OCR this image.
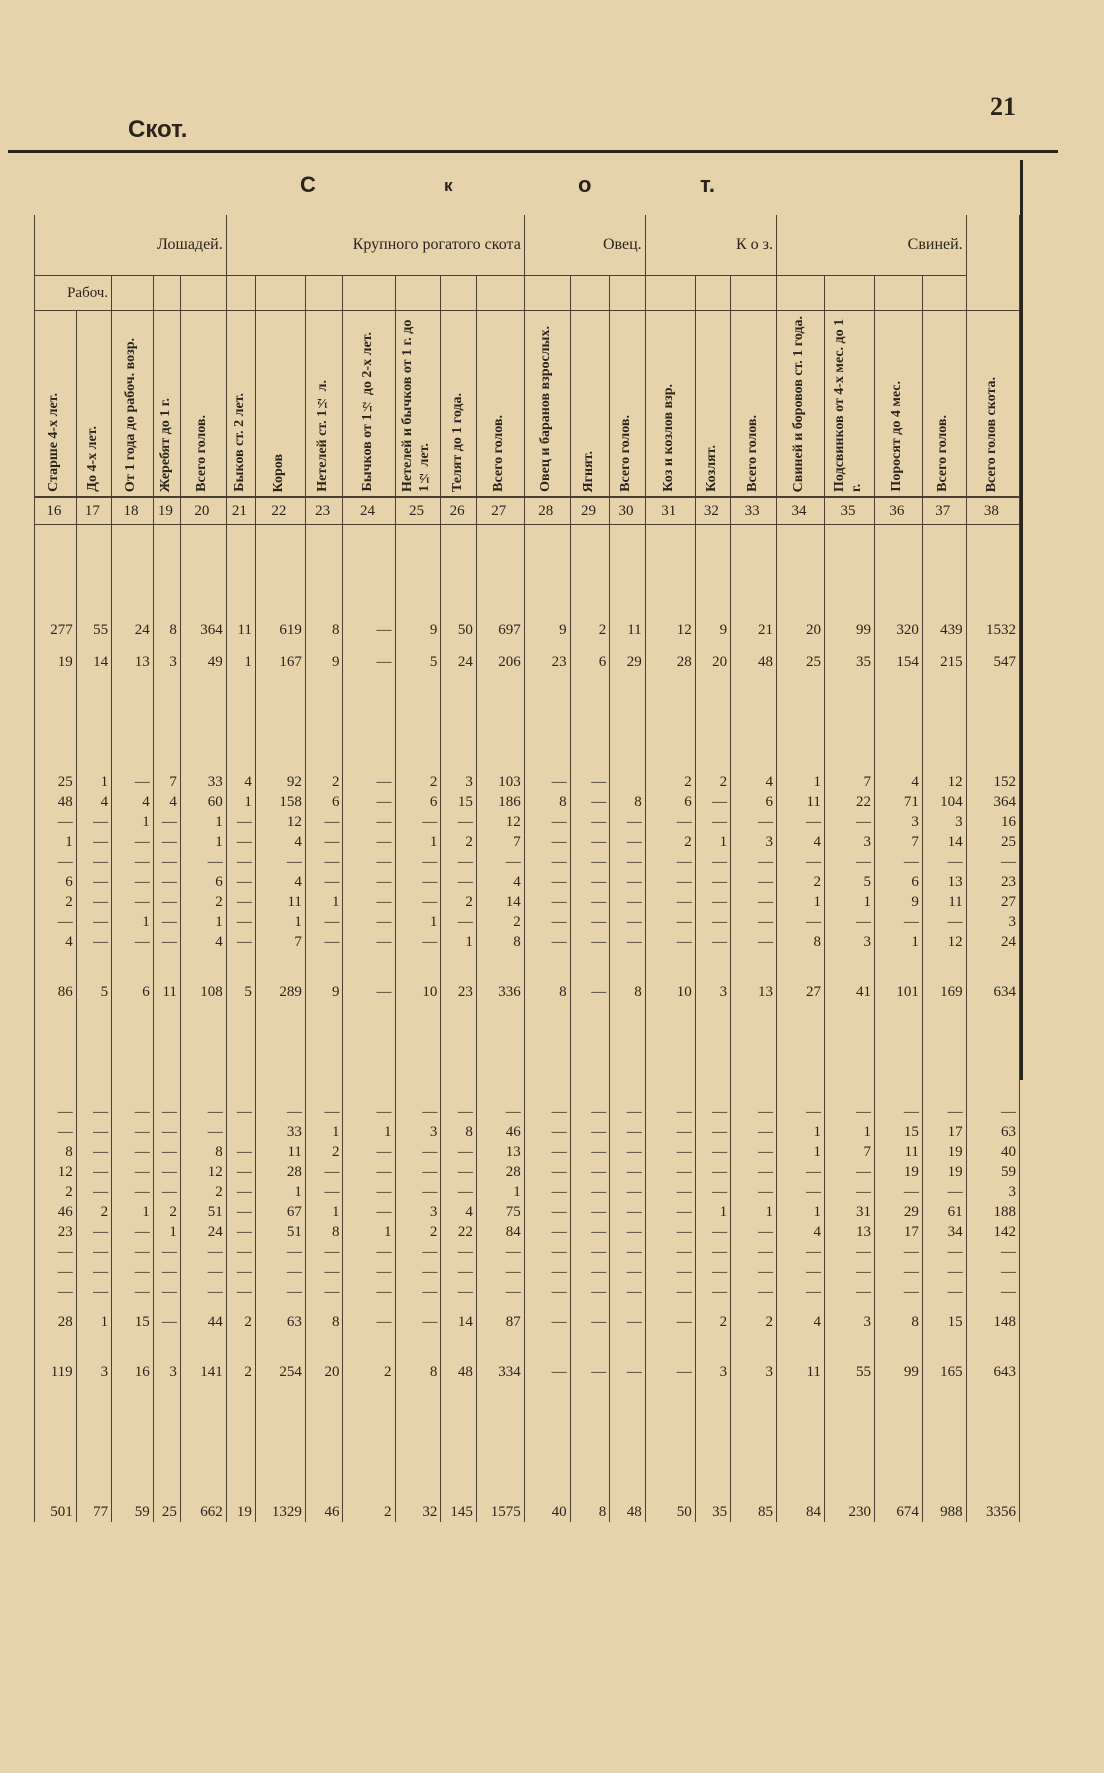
21
Скот.
С	к	о	т.
Лошадей.					Крупного рогатого скота							Овец.			К о з.			Свиней.				
Рабоч.																						

Старше 4-х лет.	До 4-х лет.	От 1 года до рабоч. возр.	Жеребят до 1 г.	Всего голов.	Быков ст. 2 лет.	Коров	Нетелей ст. 1½ л.	Бычков от 1½ до 2-х лет.	Нетелей и бычков от 1 г. до 1½ лет.	Телят до 1 года.	Всего голов.	Овец и баранов взрослых.	Ягнят.	Всего голов.	Коз и козлов взр.	Козлят.	Всего голов.	Свиней и боровов ст. 1 года.	Подсвинков от 4-х мес. до 1 г.	Поросят до 4 мес.	Всего голов.	Всего голов скота.

16	17	18	19	20	21	22	23	24	25	26	27	28	29	30	31	32	33	34	35	36	37	38

277	55	24	8	364	11	619	8	—	9	50	697	9	2	11	12	9	21	20	99	320	439	1532

19	14	13	3	49	1	167	9	—	5	24	206	23	6	29	28	20	48	25	35	154	215	547

25	1	—	7	33	4	92	2	—	2	3	103	—	—		2	2	4	1	7	4	12	152
48	4	4	4	60	1	158	6	—	6	15	186	8	—	8	6	—	6	11	22	71	104	364
—	—	1	—	1	—	12	—	—	—	—	12	—	—	—	—	—	—	—	—	3	3	16
1	—	—	—	1	—	4	—	—	1	2	7	—	—	—	2	1	3	4	3	7	14	25
—	—	—	—	—	—	—	—	—	—	—	—	—	—	—	—	—	—	—	—	—	—	—
6	—	—	—	6	—	4	—	—	—	—	4	—	—	—	—	—	—	2	5	6	13	23
2	—	—	—	2	—	11	1	—	—	2	14	—	—	—	—	—	—	1	1	9	11	27
—	—	1	—	1	—	1	—	—	1	—	2	—	—	—	—	—	—	—	—	—	—	3
4	—	—	—	4	—	7	—	—	—	1	8	—	—	—	—	—	—	8	3	1	12	24

86	5	6	11	108	5	289	9	—	10	23	336	8	—	8	10	3	13	27	41	101	169	634

—	—	—	—	—	—	—	—	—	—	—	—	—	—	—	—	—	—	—	—	—	—	—
—	—	—	—	—		33	1	1	3	8	46	—	—	—	—	—	—	1	1	15	17	63
8	—	—	—	8	—	11	2	—	—	—	13	—	—	—	—	—	—	1	7	11	19	40
12	—	—	—	12	—	28	—	—	—	—	28	—	—	—	—	—	—	—	—	19	19	59
2	—	—	—	2	—	1	—	—	—	—	1	—	—	—	—	—	—	—	—	—	—	3
46	2	1	2	51	—	67	1	—	3	4	75	—	—	—	—	1	1	1	31	29	61	188
23	—	—	1	24	—	51	8	1	2	22	84	—	—	—	—	—	—	4	13	17	34	142
—	—	—	—	—	—	—	—	—	—	—	—	—	—	—	—	—	—	—	—	—	—	—
—	—	—	—	—	—	—	—	—	—	—	—	—	—	—	—	—	—	—	—	—	—	—
—	—	—	—	—	—	—	—	—	—	—	—	—	—	—	—	—	—	—	—	—	—	—

28	1	15	—	44	2	63	8	—	—	14	87	—	—	—	—	2	2	4	3	8	15	148

119	3	16	3	141	2	254	20	2	8	48	334	—	—	—	—	3	3	11	55	99	165	643

501	77	59	25	662	19	1329	46	2	32	145	1575	40	8	48	50	35	85	84	230	674	988	3356
